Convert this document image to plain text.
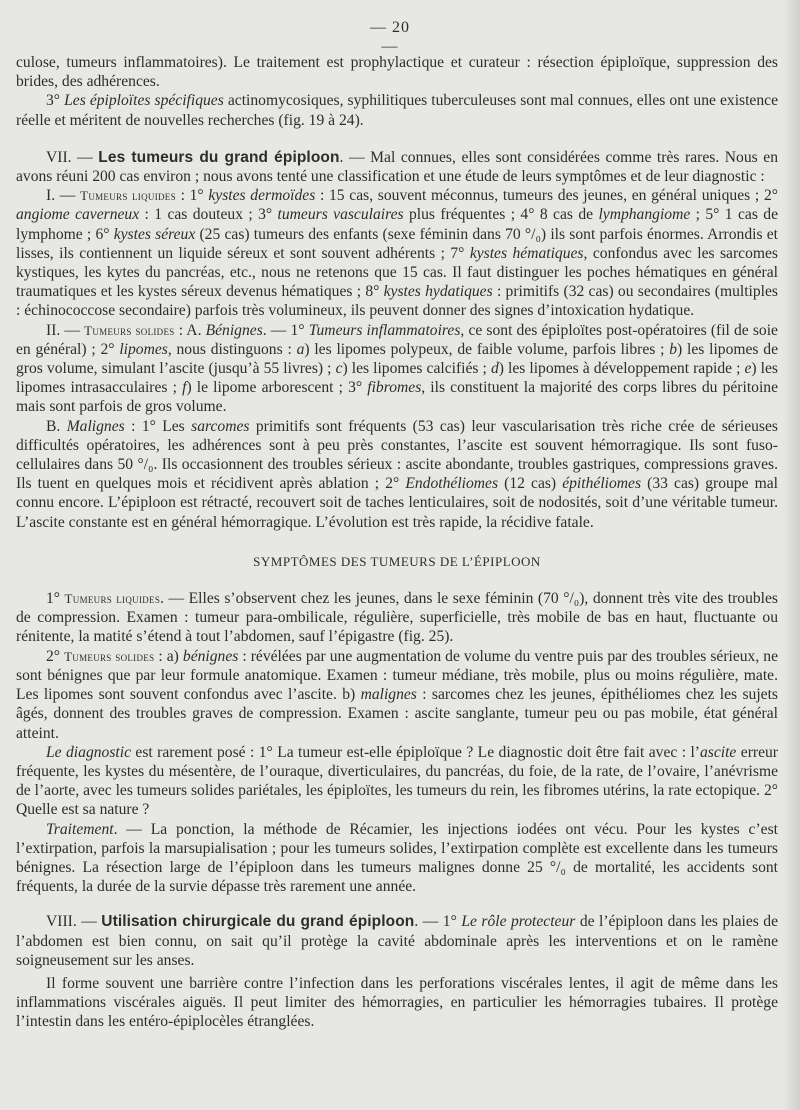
— 20 —

culose, tumeurs inflammatoires). Le traitement est prophylactique et curateur : résection épiploïque, suppression des brides, des adhérences.

3° Les épiploïtes spécifiques actinomycosiques, syphilitiques tuberculeuses sont mal connues, elles ont une existence réelle et méritent de nouvelles recherches (fig. 19 à 24).

VII. — Les tumeurs du grand épiploon. — Mal connues, elles sont considérées comme très rares. Nous en avons réuni 200 cas environ ; nous avons tenté une classification et une étude de leurs symptômes et de leur diagnostic :

I. — Tumeurs liquides : 1° kystes dermoïdes : 15 cas, souvent méconnus, tumeurs des jeunes, en général uniques ; 2° angiome caverneux : 1 cas douteux ; 3° tumeurs vasculaires plus fréquentes ; 4° 8 cas de lymphangiome ; 5° 1 cas de lymphome ; 6° kystes séreux (25 cas) tumeurs des enfants (sexe féminin dans 70 °/₀) ils sont parfois énormes. Arrondis et lisses, ils contiennent un liquide séreux et sont souvent adhérents ; 7° kystes hématiques, confondus avec les sarcomes kystiques, les kytes du pancréas, etc., nous ne retenons que 15 cas. Il faut distinguer les poches hématiques en général traumatiques et les kystes séreux devenus hématiques ; 8° kystes hydatiques : primitifs (32 cas) ou secondaires (multiples : échinococcose secondaire) parfois très volumineux, ils peuvent donner des signes d’intoxication hydatique.

II. — Tumeurs solides : A. Bénignes. — 1° Tumeurs inflammatoires, ce sont des épiploïtes post-opératoires (fil de soie en général) ; 2° lipomes, nous distinguons : a) les lipomes polypeux, de faible volume, parfois libres ; b) les lipomes de gros volume, simulant l’ascite (jusqu’à 55 livres) ; c) les lipomes calcifiés ; d) les lipomes à développement rapide ; e) les lipomes intrasacculaires ; f) le lipome arborescent ; 3° fibromes, ils constituent la majorité des corps libres du péritoine mais sont parfois de gros volume.

B. Malignes : 1° Les sarcomes primitifs sont fréquents (53 cas) leur vascularisation très riche crée de sérieuses difficultés opératoires, les adhérences sont à peu près constantes, l’ascite est souvent hémorragique. Ils sont fuso-cellulaires dans 50 °/₀. Ils occasionnent des troubles sérieux : ascite abondante, troubles gastriques, compressions graves. Ils tuent en quelques mois et récidivent après ablation ; 2° Endothéliomes (12 cas) épithéliomes (33 cas) groupe mal connu encore. L’épiploon est rétracté, recouvert soit de taches lenticulaires, soit de nodosités, soit d’une véritable tumeur. L’ascite constante est en général hémorragique. L’évolution est très rapide, la récidive fatale.

SYMPTÔMES DES TUMEURS DE L’ÉPIPLOON

1° Tumeurs liquides. — Elles s’observent chez les jeunes, dans le sexe féminin (70 °/₀), donnent très vite des troubles de compression. Examen : tumeur para-ombilicale, régulière, superficielle, très mobile de bas en haut, fluctuante ou rénitente, la matité s’étend à tout l’abdomen, sauf l’épigastre (fig. 25).

2° Tumeurs solides : a) bénignes : révélées par une augmentation de volume du ventre puis par des troubles sérieux, ne sont bénignes que par leur formule anatomique. Examen : tumeur médiane, très mobile, plus ou moins régulière, mate. Les lipomes sont souvent confondus avec l’ascite. b) malignes : sarcomes chez les jeunes, épithéliomes chez les sujets âgés, donnent des troubles graves de compression. Examen : ascite sanglante, tumeur peu ou pas mobile, état général atteint.

Le diagnostic est rarement posé : 1° La tumeur est-elle épiploïque ? Le diagnostic doit être fait avec : l’ascite erreur fréquente, les kystes du mésentère, de l’ouraque, diverticulaires, du pancréas, du foie, de la rate, de l’ovaire, l’anévrisme de l’aorte, avec les tumeurs solides pariétales, les épiploïtes, les tumeurs du rein, les fibromes utérins, la rate ectopique. 2° Quelle est sa nature ?

Traitement. — La ponction, la méthode de Récamier, les injections iodées ont vécu. Pour les kystes c’est l’extirpation, parfois la marsupialisation ; pour les tumeurs solides, l’extirpation complète est excellente dans les tumeurs bénignes. La résection large de l’épiploon dans les tumeurs malignes donne 25 °/₀ de mortalité, les accidents sont fréquents, la durée de la survie dépasse très rarement une année.

VIII. — Utilisation chirurgicale du grand épiploon. — 1° Le rôle protecteur de l’épiploon dans les plaies de l’abdomen est bien connu, on sait qu’il protège la cavité abdominale après les interventions et on le ramène soigneusement sur les anses.

Il forme souvent une barrière contre l’infection dans les perforations viscérales lentes, il agit de même dans les inflammations viscérales aiguës. Il peut limiter des hémorragies, en particulier les hémorragies tubaires. Il protège l’intestin dans les entéro-épiplocèles étranglées.
